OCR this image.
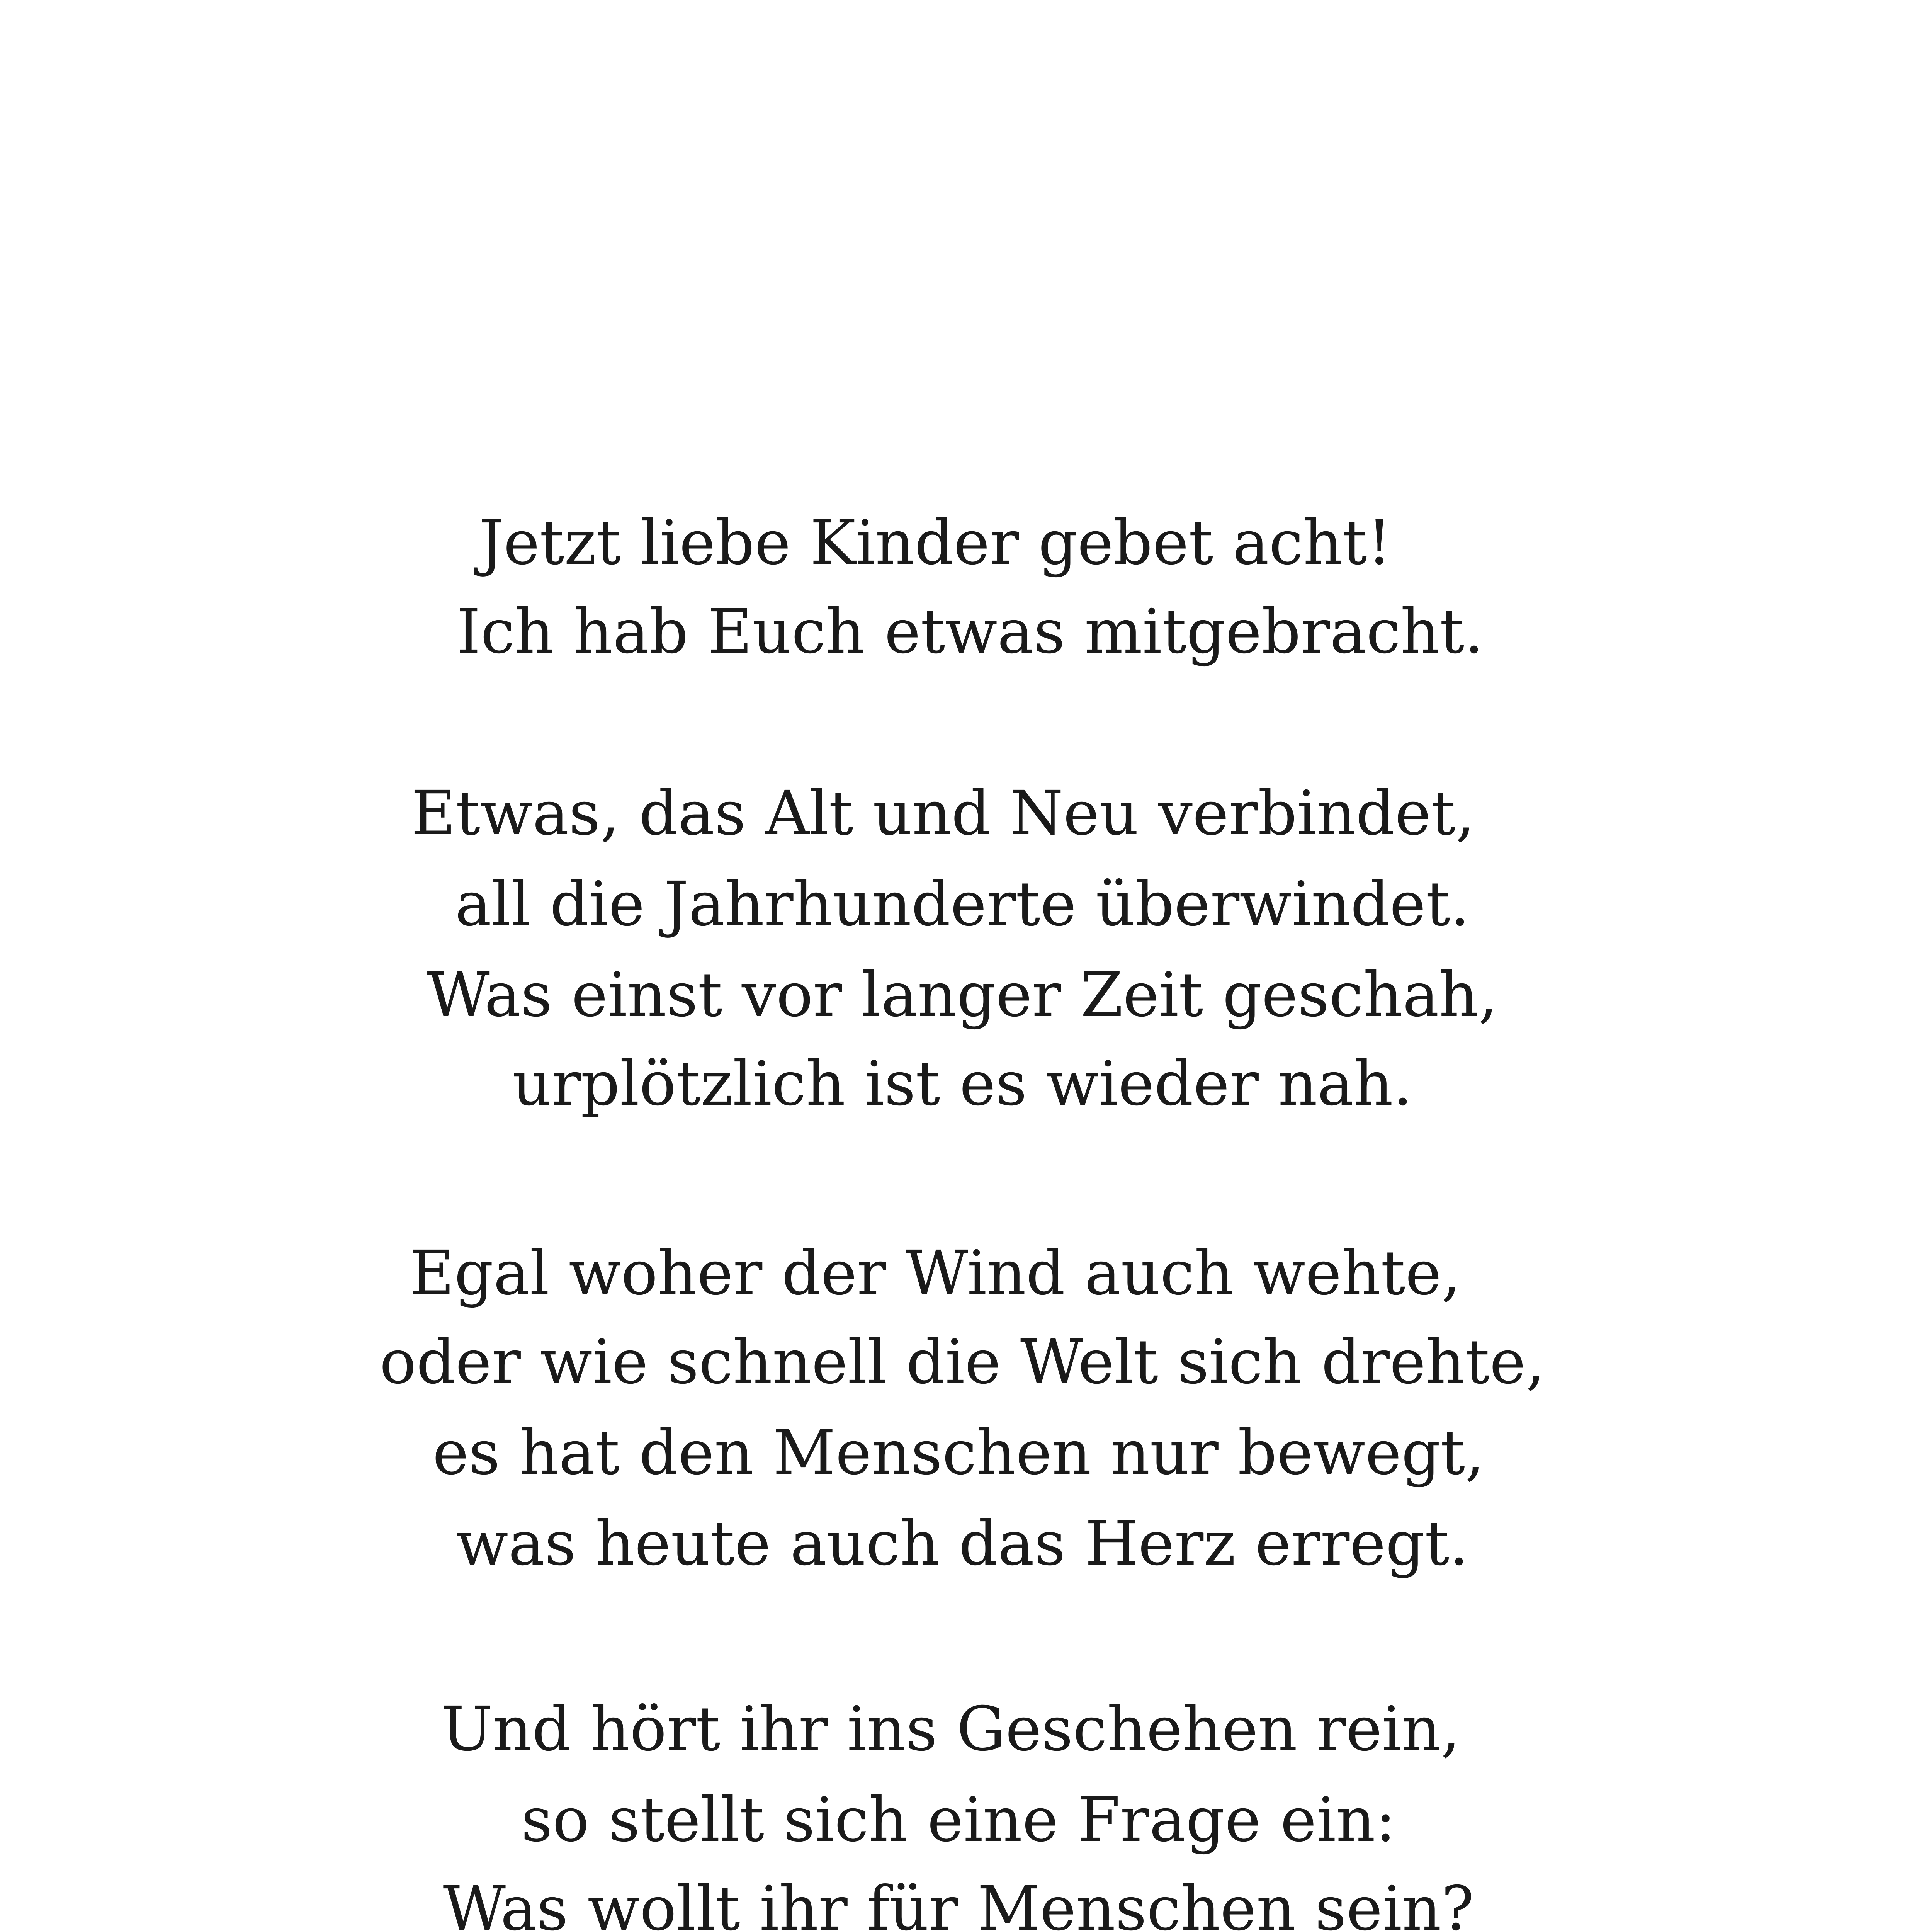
Jetzt liebe Kinder gebet acht!
Ich hab Euch etwas mitgebracht.
Etwas, das Alt und Neu verbindet,
all die Jahrhunderte überwindet.
Was einst vor langer Zeit geschah,
urplötzlich ist es wieder nah.
Egal woher der Wind auch wehte,
oder wie schnell die Welt sich drehte,
es hat den Menschen nur bewegt,
was heute auch das Herz erregt.
Und hört ihr ins Geschehen rein,
so stellt sich eine Frage ein:
Was wollt ihr für Menschen sein?
